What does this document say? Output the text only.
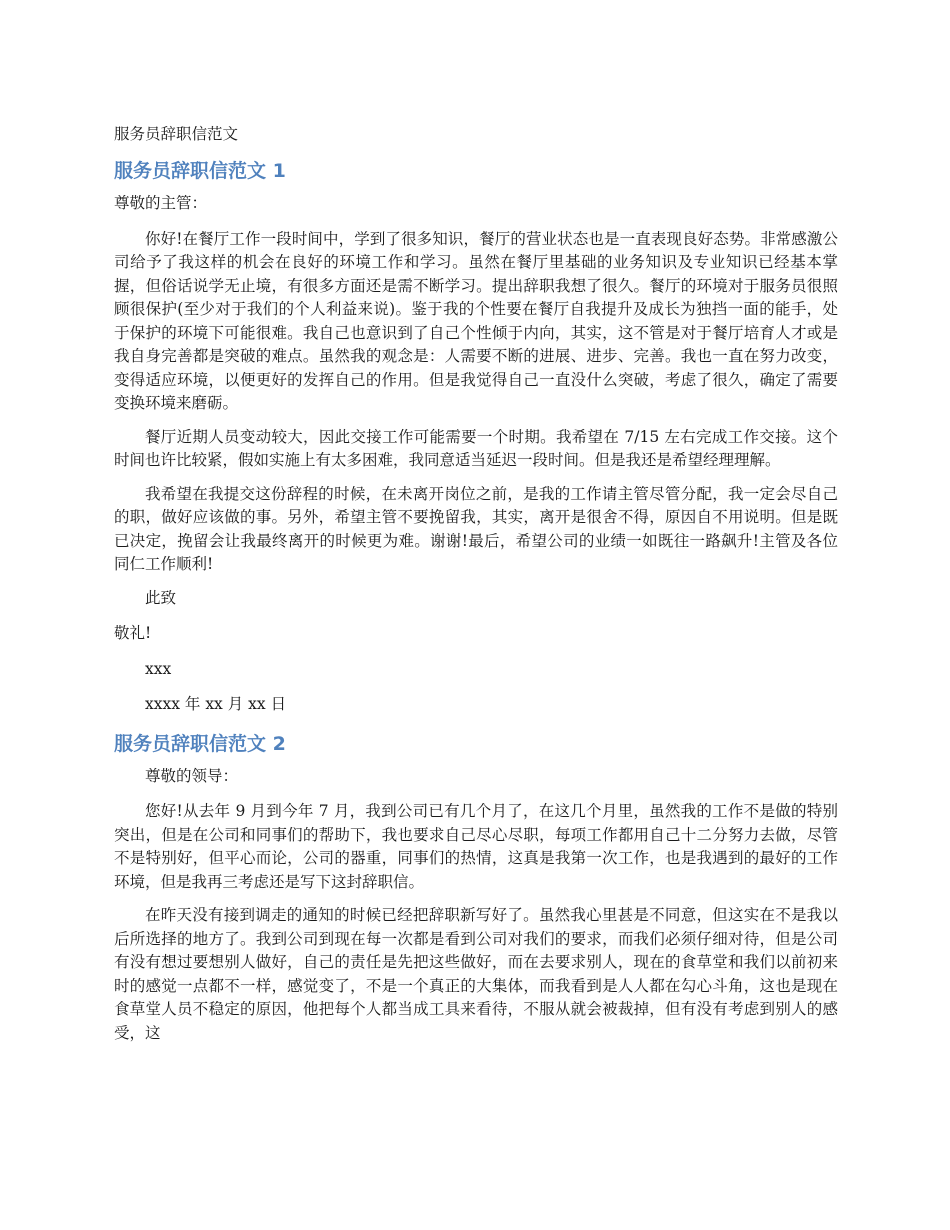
服务员辞职信范文

服务员辞职信范文 1

尊敬的主管：

你好!在餐厅工作一段时间中，学到了很多知识，餐厅的营业状态也是一直表现良好态势。非常感激公司给予了我这样的机会在良好的环境工作和学习。虽然在餐厅里基础的业务知识及专业知识已经基本掌握，但俗话说学无止境，有很多方面还是需不断学习。提出辞职我想了很久。餐厅的环境对于服务员很照顾很保护(至少对于我们的个人利益来说)。鉴于我的个性要在餐厅自我提升及成长为独挡一面的能手，处于保护的环境下可能很难。我自己也意识到了自己个性倾于内向，其实，这不管是对于餐厅培育人才或是我自身完善都是突破的难点。虽然我的观念是：人需要不断的进展、进步、完善。我也一直在努力改变，变得适应环境，以便更好的发挥自己的作用。但是我觉得自己一直没什么突破，考虑了很久，确定了需要变换环境来磨砺。

餐厅近期人员变动较大，因此交接工作可能需要一个时期。我希望在 7/15 左右完成工作交接。这个时间也许比较紧，假如实施上有太多困难，我同意适当延迟一段时间。但是我还是希望经理理解。

我希望在我提交这份辞程的时候，在未离开岗位之前，是我的工作请主管尽管分配，我一定会尽自己的职，做好应该做的事。另外，希望主管不要挽留我，其实，离开是很舍不得，原因自不用说明。但是既已决定，挽留会让我最终离开的时候更为难。谢谢!最后，希望公司的业绩一如既往一路飙升!主管及各位同仁工作顺利!

此致

敬礼!

xxx

xxxx 年 xx 月 xx 日

服务员辞职信范文 2

尊敬的领导：

您好!从去年 9 月到今年 7 月，我到公司已有几个月了，在这几个月里，虽然我的工作不是做的特别突出，但是在公司和同事们的帮助下，我也要求自己尽心尽职，每项工作都用自己十二分努力去做，尽管不是特别好，但平心而论，公司的器重，同事们的热情，这真是我第一次工作，也是我遇到的最好的工作环境，但是我再三考虑还是写下这封辞职信。

在昨天没有接到调走的通知的时候已经把辞职新写好了。虽然我心里甚是不同意，但这实在不是我以后所选择的地方了。我到公司到现在每一次都是看到公司对我们的要求，而我们必须仔细对待，但是公司有没有想过要想别人做好，自己的责任是先把这些做好，而在去要求别人，现在的食草堂和我们以前初来时的感觉一点都不一样，感觉变了，不是一个真正的大集体，而我看到是人人都在勾心斗角，这也是现在食草堂人员不稳定的原因，他把每个人都当成工具来看待，不服从就会被裁掉，但有没有考虑到别人的感受，这
